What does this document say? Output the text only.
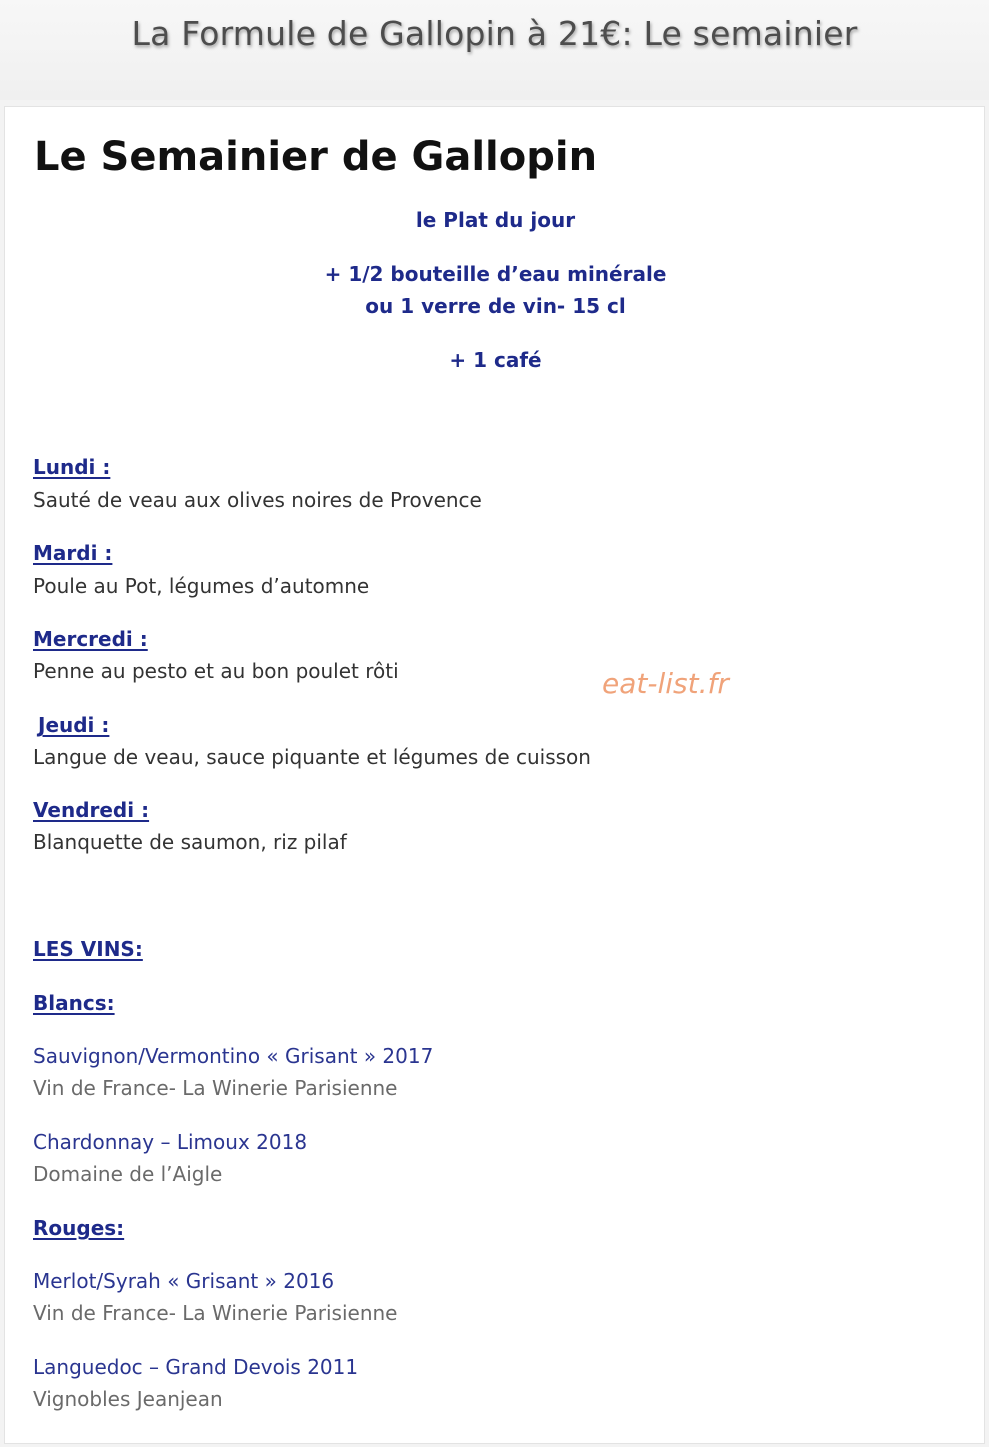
La Formule de Gallopin à 21€: Le semainier
Le Semainier de Gallopin
le Plat du jour
+ 1/2 bouteille d’eau minérale
ou 1 verre de vin- 15 cl
+ 1 café
Lundi :
Sauté de veau aux olives noires de Provence
Mardi :
Poule au Pot, légumes d’automne
Mercredi :
Penne au pesto et au bon poulet rôti
Jeudi :
Langue de veau, sauce piquante et légumes de cuisson
Vendredi :
Blanquette de saumon, riz pilaf
LES VINS:
Blancs:
Sauvignon/Vermontino « Grisant » 2017
Vin de France- La Winerie Parisienne
Chardonnay – Limoux 2018
Domaine de l’Aigle
Rouges:
Merlot/Syrah « Grisant » 2016
Vin de France- La Winerie Parisienne
Languedoc – Grand Devois 2011
Vignobles Jeanjean
eat-list.fr
